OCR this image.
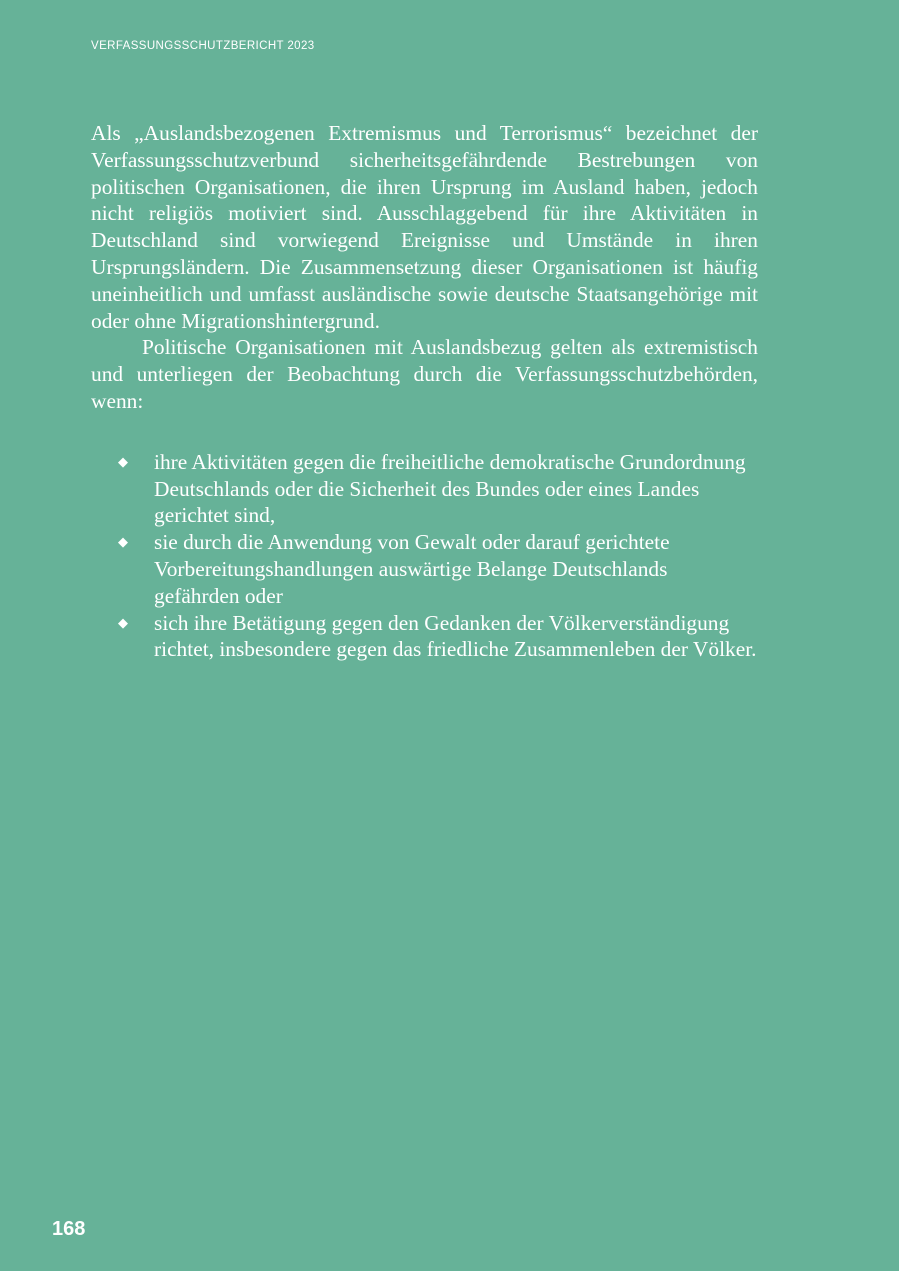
VERFASSUNGSSCHUTZBERICHT 2023

Als „Auslandsbezogenen Extremismus und Terrorismus“ bezeichnet der Verfassungsschutzverbund sicherheitsgefährdende Bestrebungen von politischen Organisationen, die ihren Ursprung im Ausland haben, jedoch nicht religiös motiviert sind. Ausschlaggebend für ihre Aktivitäten in Deutschland sind vorwiegend Ereignisse und Umstände in ihren Ursprungsländern. Die Zusammensetzung dieser Organisationen ist häufig uneinheitlich und umfasst ausländische sowie deutsche Staatsangehörige mit oder ohne Migrationshintergrund.

Politische Organisationen mit Auslandsbezug gelten als extremistisch und unterliegen der Beobachtung durch die Verfassungsschutzbehörden, wenn:

◆ ihre Aktivitäten gegen die freiheitliche demokratische Grundordnung Deutschlands oder die Sicherheit des Bundes oder eines Landes gerichtet sind,
◆ sie durch die Anwendung von Gewalt oder darauf gerichtete Vorbereitungshandlungen auswärtige Belange Deutschlands gefährden oder
◆ sich ihre Betätigung gegen den Gedanken der Völkerverständigung richtet, insbesondere gegen das friedliche Zusammenleben der Völker.
168
